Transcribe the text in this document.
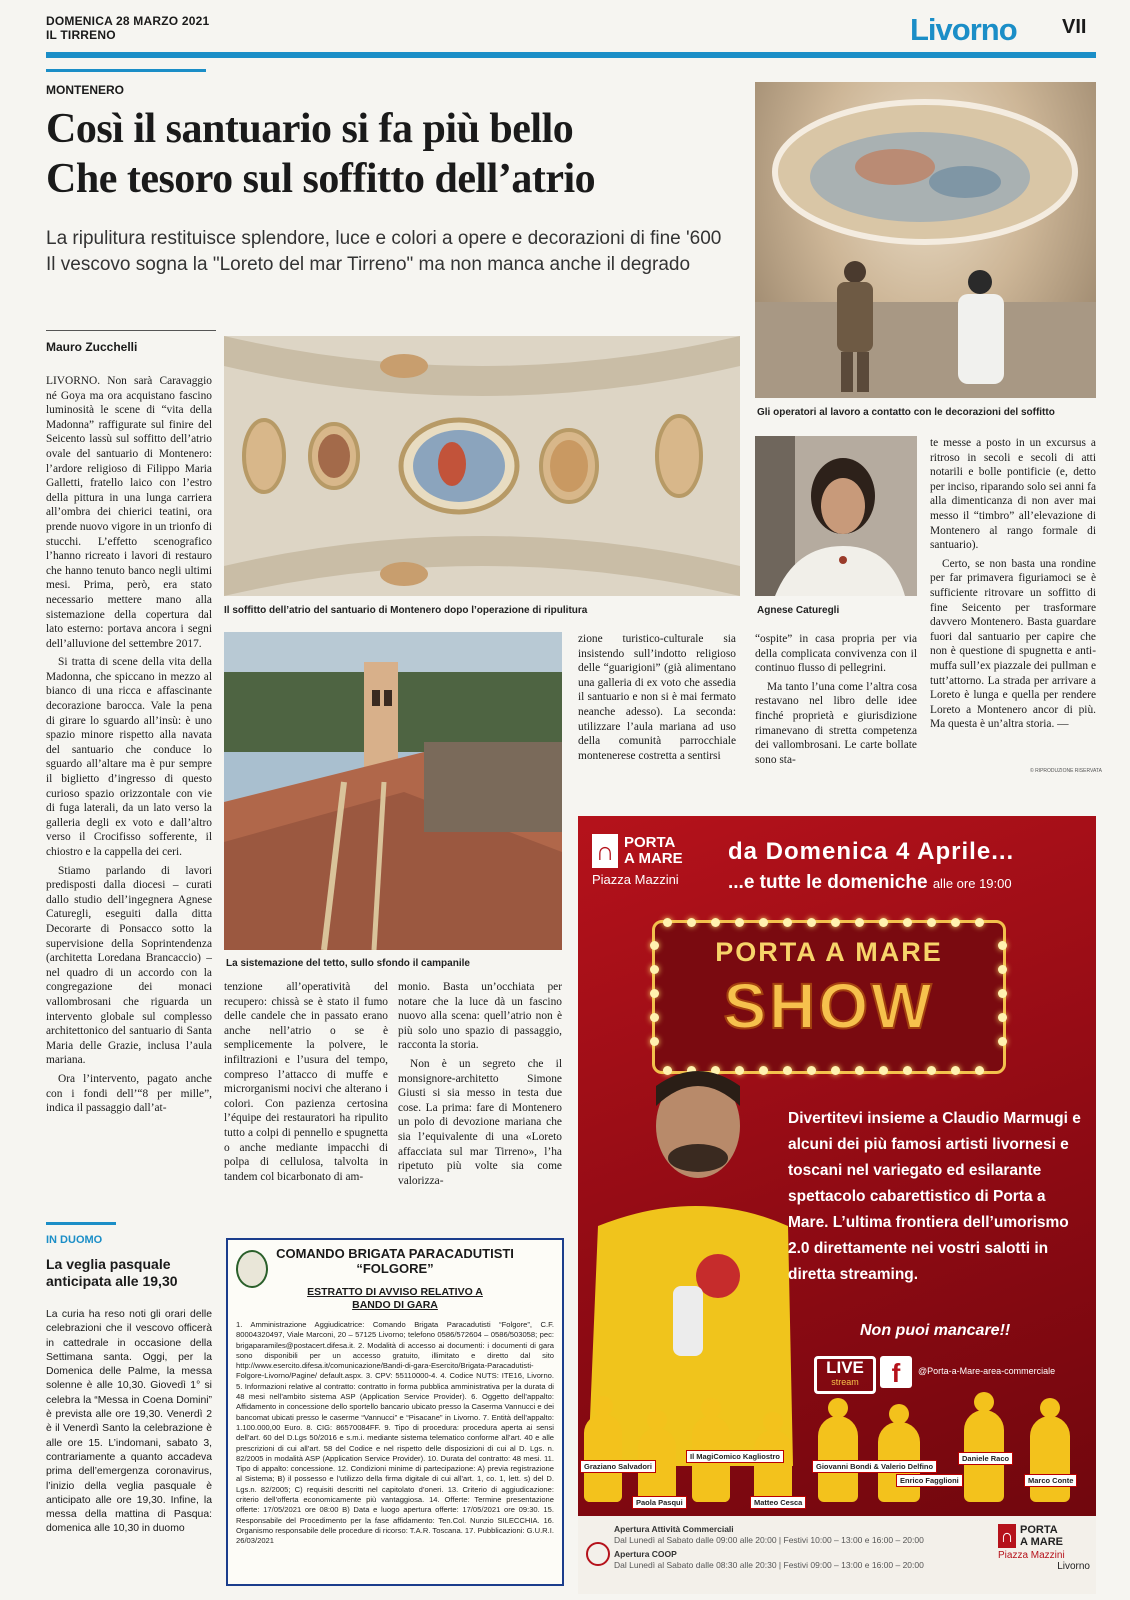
DOMENICA 28 MARZO 2021
IL TIRRENO	Livorno VII
MONTENERO
Così il santuario si fa più bello
Che tesoro sul soffitto dell’atrio
La ripulitura restituisce splendore, luce e colori a opere e decorazioni di fine '600
Il vescovo sogna la "Loreto del mar Tirreno" ma non manca anche il degrado
Mauro Zucchelli
Gli operatori al lavoro a contatto con le decorazioni del soffitto
Il soffitto dell’atrio del santuario di Montenero dopo l’operazione di ripulitura	Agnese Caturegli
La sistemazione del tetto, sullo sfondo il campanile

LIVORNO. Non sarà Caravaggio né Goya ma ora acquistano fascino luminosità le scene di “vita della Madonna” raffigurate sul finire del Seicento lassù sul soffitto dell’atrio ovale del santuario di Montenero: l’ardore religioso di Filippo Maria Galletti, fratello laico con l’estro della pittura in una lunga carriera all’ombra dei chierici teatini, ora prende nuovo vigore in un trionfo di stucchi. L’effetto scenografico l’hanno ricreato i lavori di restauro che hanno tenuto banco negli ultimi mesi. Prima, però, era stato necessario mettere mano alla sistemazione della copertura dal lato esterno: portava ancora i segni dell’alluvione del settembre 2017.

Si tratta di scene della vita della Madonna, che spiccano in mezzo al bianco di una ricca e affascinante decorazione barocca. Vale la pena di girare lo sguardo all’insù: è uno spazio minore rispetto alla navata del santuario che conduce lo sguardo all’altare ma è pur sempre il biglietto d’ingresso di questo curioso spazio orizzontale con vie di fuga laterali, da un lato verso la galleria degli ex voto e dall’altro verso il Crocifisso sofferente, il chiostro e la cappella dei ceri.

Stiamo parlando di lavori predisposti dalla diocesi – curati dallo studio dell’ingegnera Agnese Caturegli, eseguiti dalla ditta Decorarte di Ponsacco sotto la supervisione della Soprintendenza (architetta Loredana Brancaccio) – nel quadro di un accordo con la congregazione dei monaci vallombrosani che riguarda un intervento globale sul complesso architettonico del santuario di Santa Maria delle Grazie, inclusa l’aula mariana.

Ora l’intervento, pagato anche con i fondi dell’“8 per mille”, indica il passaggio dall’at-

tenzione all’operatività del recupero: chissà se è stato il fumo delle candele che in passato erano anche nell’atrio o se è semplicemente la polvere, le infiltrazioni e l’usura del tempo, compreso l’attacco di muffe e microrganismi nocivi che alterano i colori. Con pazienza certosina l’équipe dei restauratori ha ripulito tutto a colpi di pennello e spugnetta o anche mediante impacchi di polpa di cellulosa, talvolta in tandem col bicarbonato di am-

monio. Basta un’occhiata per notare che la luce dà un fascino nuovo alla scena: quell’atrio non è più solo uno spazio di passaggio, racconta la storia.

Non è un segreto che il monsignore-architetto Simone Giusti si sia messo in testa due cose. La prima: fare di Montenero un polo di devozione mariana che sia l’equivalente di una «Loreto affacciata sul mar Tirreno», l’ha ripetuto più volte sia come valorizza-

zione turistico-culturale sia insistendo sull’indotto religioso delle “guarigioni” (già alimentano una galleria di ex voto che assedia il santuario e non si è mai fermato neanche adesso). La seconda: utilizzare l’aula mariana ad uso della comunità parrocchiale montenerese costretta a sentirsi

“ospite” in casa propria per via della complicata convivenza con il continuo flusso di pellegrini.

Ma tanto l’una come l’altra cosa restavano nel libro delle idee finché proprietà e giurisdizione rimanevano di stretta competenza dei vallombrosani. Le carte bollate sono sta-

te messe a posto in un excursus a ritroso in secoli e secoli di atti notarili e bolle pontificie (e, detto per inciso, riparando solo sei anni fa alla dimenticanza di non aver mai messo il “timbro” all’elevazione di Montenero al rango formale di santuario).

Certo, se non basta una rondine per far primavera figuriamoci se è sufficiente ritrovare un soffitto di fine Seicento per trasformare davvero Montenero. Basta guardare fuori dal santuario per capire che non è questione di spugnetta e anti-muffa sull’ex piazzale dei pullman e tutt’attorno. La strada per arrivare a Loreto è lunga e quella per rendere Loreto a Montenero ancor di più. Ma questa è un’altra storia. —

© RIPRODUZIONE RISERVATA
IN DUOMO
La veglia pasquale anticipata alle 19,30

La curia ha reso noti gli orari delle celebrazioni che il vescovo officerà in cattedrale in occasione della Settimana santa. Oggi, per la Domenica delle Palme, la messa solenne è alle 10,30. Giovedì 1° si celebra la “Messa in Coena Domini” è prevista alle ore 19,30. Venerdì 2 è il Venerdì Santo la celebrazione è alle ore 15. L’indomani, sabato 3, contrariamente a quanto accadeva prima dell’emergenza coronavirus, l’inizio della veglia pasquale è anticipato alle ore 19,30. Infine, la messa della mattina di Pasqua: domenica alle 10,30 in duomo

COMANDO BRIGATA PARACADUTISTI
“FOLGORE”
ESTRATTO DI AVVISO RELATIVO A
BANDO DI GARA
1. Amministrazione Aggiudicatrice: Comando Brigata Paracadutisti “Folgore”, C.F. 80004320497, Viale Marconi, 20 – 57125 Livorno; telefono 0586/572604 – 0586/503058; pec: brigaparamiles@postacert.difesa.it. 2. Modalità di accesso ai documenti: i documenti di gara sono disponibili per un accesso gratuito, illimitato e diretto dal sito http://www.esercito.difesa.it/comunicazione/Bandi-di-gara-Esercito/Brigata-Paracadutisti-Folgore-Livorno/Pagine/ default.aspx. 3. CPV: 55110000-4. 4. Codice NUTS: ITE16, Livorno. 5. Informazioni relative al contratto: contratto in forma pubblica amministrativa per la durata di 48 mesi nell’ambito sistema ASP (Application Service Provider). 6. Oggetto dell’appalto: Affidamento in concessione dello sportello bancario ubicato presso la Caserma Vannucci e dei bancomat ubicati presso le caserme “Vannucci” e “Pisacane” in Livorno. 7. Entità dell’appalto: 1.100.000,00 Euro. 8. CIG: 86570084FF. 9. Tipo di procedura: procedura aperta ai sensi dell’art. 60 del D.Lgs 50/2016 e s.m.i. mediante sistema telematico conforme all’art. 40 e alle prescrizioni di cui all’art. 58 del Codice e nel rispetto delle disposizioni di cui al D. Lgs. n. 82/2005 in modalità ASP (Application Service Provider). 10. Durata del contratto: 48 mesi. 11. Tipo di appalto: concessione. 12. Condizioni minime di partecipazione: A) previa registrazione al Sistema; B) il possesso e l’utilizzo della firma digitale di cui all’art. 1, co. 1, lett. s) del D. Lgs.n. 82/2005; C) requisiti descritti nel capitolato d’oneri. 13. Criterio di aggiudicazione: criterio dell’offerta economicamente più vantaggiosa. 14. Offerte: Termine presentazione offerte: 17/05/2021 ore 08:00 B) Data e luogo apertura offerte: 17/05/2021 ore 09:30. 15. Responsabile del Procedimento per la fase affidamento: Ten.Col. Nunzio SILECCHIA. 16. Organismo responsabile delle procedure di ricorso: T.A.R. Toscana. 17. Pubblicazioni: G.U.R.I. 26/03/2021
∩ PORTA
A MARE
Piazza Mazzini
da Domenica 4 Aprile...
...e tutte le domeniche alle ore 19:00
PORTA A MARE
SHOW
Divertitevi insieme a Claudio Marmugi e alcuni dei più famosi artisti livornesi e toscani nel variegato ed esilarante spettacolo cabarettistico di Porta a Mare. L’ultima frontiera dell’umorismo 2.0 direttamente nei vostri salotti in diretta streaming.
Non puoi mancare!!
LIVE
stream	f	@Porta-a-Mare-area-commerciale
Graziano Salvadori
Paola Pasqui
Il MagiComico Kagliostro
Matteo Cesca
Giovanni Bondi & Valerio Delfino
Enrico Fagglioni
Daniele Raco
Marco Conte
Apertura Attività Commerciali
Dal Lunedì al Sabato dalle 09:00 alle 20:00 | Festivi 10:00 – 13:00 e 16:00 – 20:00
Apertura COOP
Dal Lunedì al Sabato dalle 08:30 alle 20:30 | Festivi 09:00 – 13:00 e 16:00 – 20:00
∩ PORTA
A MARE
Piazza Mazzini
Livorno
